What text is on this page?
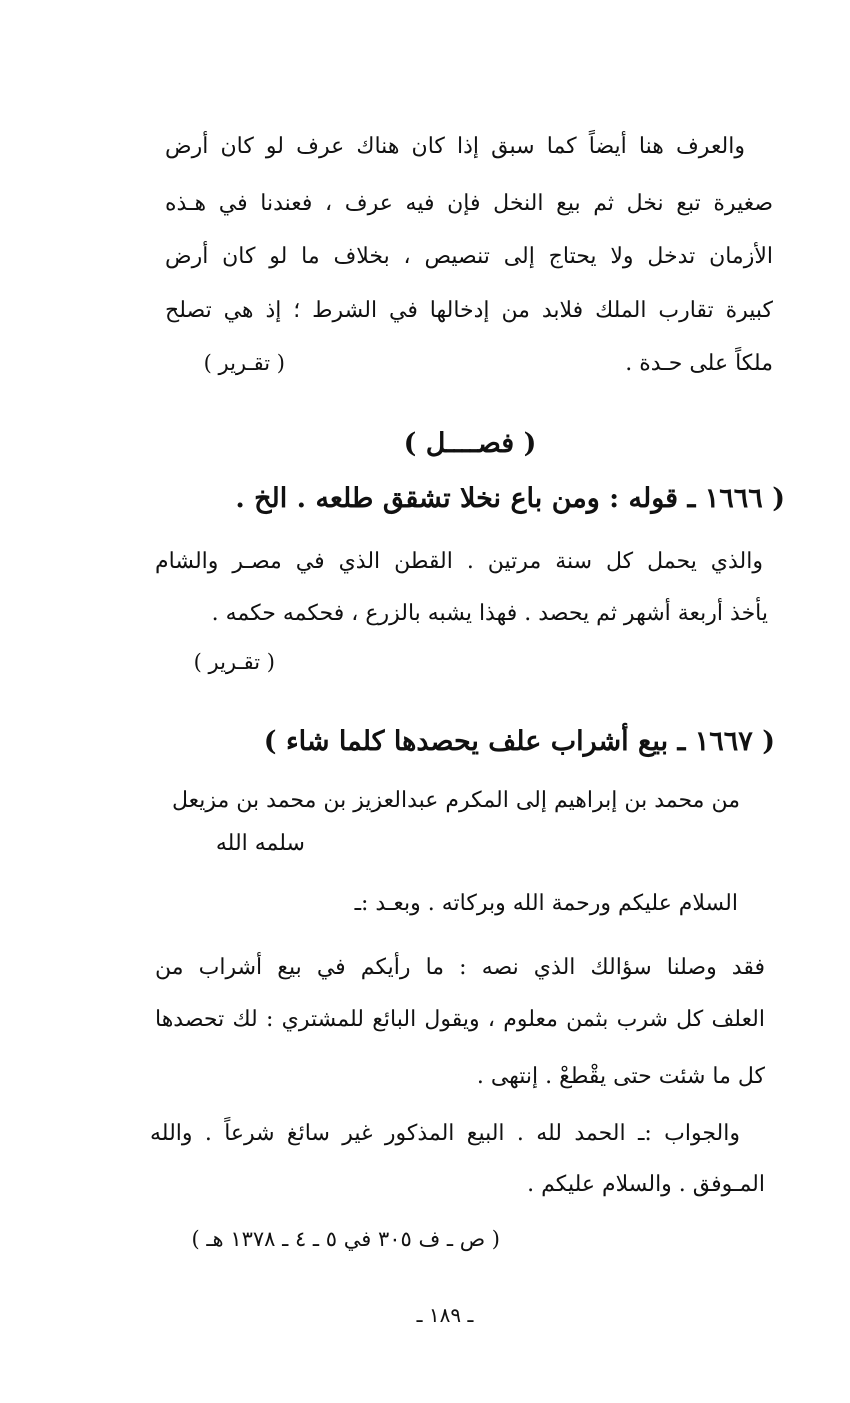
والعرف هنا أيضاً كما سبق إذا كان هناك عرف لو كان أرض
صغيرة تبع نخل ثم بيع النخل فإن فيه عرف ، فعندنا في هـذه
الأزمان تدخل ولا يحتاج إلى تنصيص ، بخلاف ما لو كان أرض
كبيرة تقارب الملك فلابد من إدخالها في الشرط ؛ إذ هي تصلح
ملكاً على حـدة .
( تقـرير )
( فصــــل )
( ١٦٦٦ ـ قوله : ومن باع نخلا تشقق طلعه . الخ .
والذي يحمل كل سنة مرتين . القطن الذي في مصـر والشام
يأخذ أربعة أشهر ثم يحصد . فهذا يشبه بالزرع ، فحكمه حكمه .
( تقـرير )
( ١٦٦٧ ـ بيع أشراب علف يحصدها كلما شاء )
من محمد بن إبراهيم إلى المكرم عبدالعزيز بن محمد بن مزيعل
سلمه الله
السلام عليكم ورحمة الله وبركاته . وبعـد :ـ
فقد وصلنا سؤالك الذي نصه : ما رأيكم في بيع أشراب من
العلف كل شرب بثمن معلوم ، ويقول البائع للمشتري : لك تحصدها
كل ما شئت حتى يقْطعْ . إنتهى .
والجواب :ـ الحمد لله . البيع المذكور غير سائغ شرعاً . والله
المـوفق . والسلام عليكم .
( ص ـ ف ٣٠٥ في ٥ ـ ٤ ـ ١٣٧٨ هـ )
ـ ١٨٩ ـ
